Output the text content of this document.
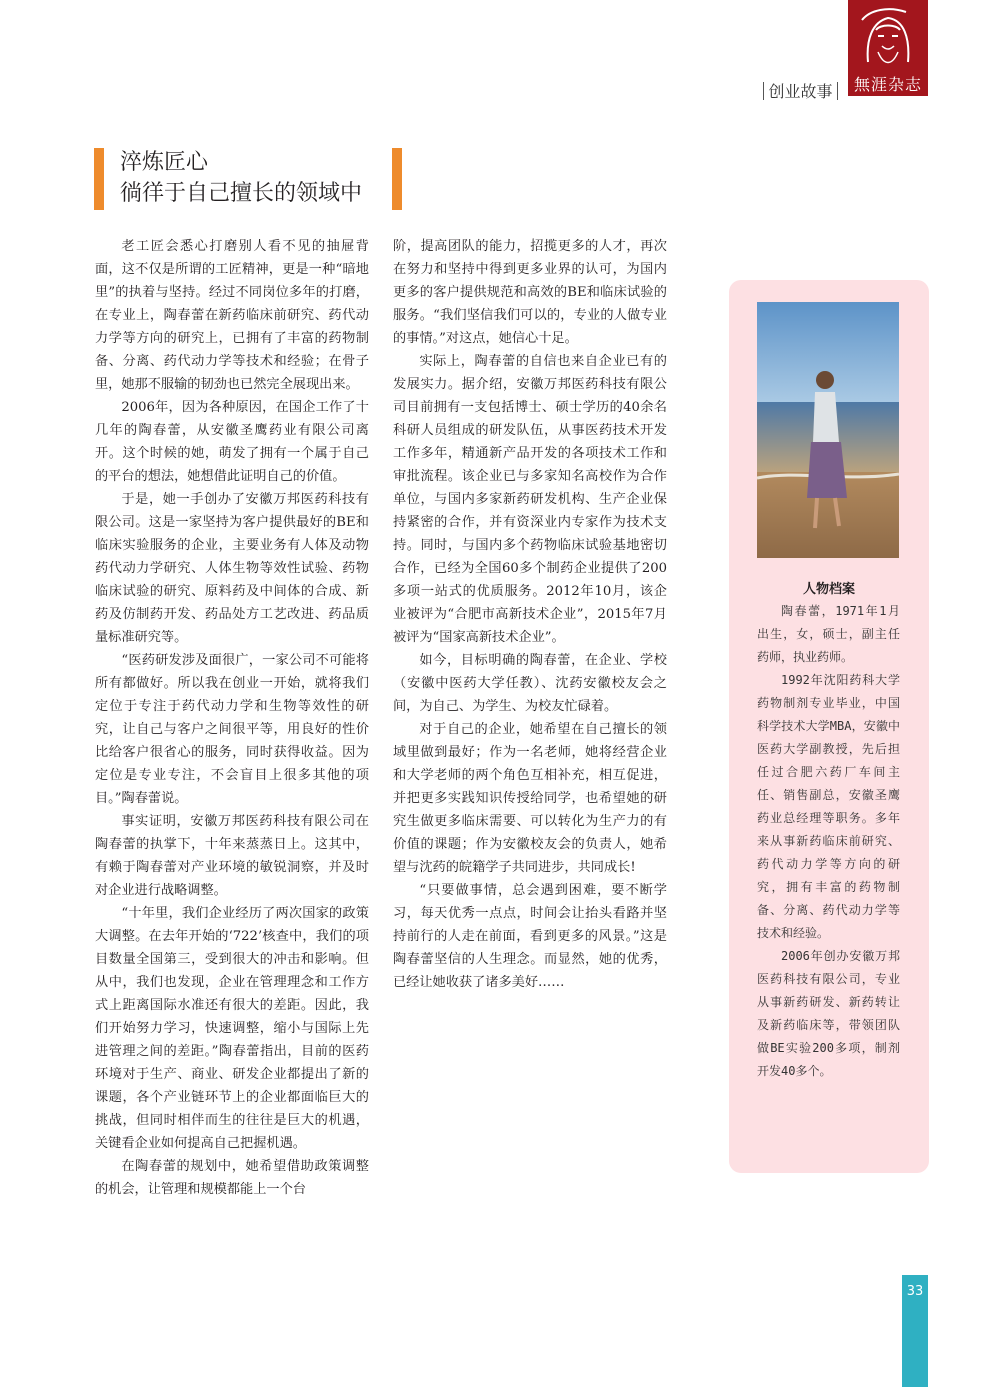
無涯杂志
创业故事
淬炼匠心
徜徉于自己擅长的领域中

老工匠会悉心打磨别人看不见的抽屉背面，这不仅是所谓的工匠精神，更是一种“暗地里”的执着与坚持。经过不同岗位多年的打磨，在专业上，陶春蕾在新药临床前研究、药代动力学等方向的研究上，已拥有了丰富的药物制备、分离、药代动力学等技术和经验；在骨子里，她那不服输的韧劲也已然完全展现出来。

2006年，因为各种原因，在国企工作了十几年的陶春蕾，从安徽圣鹰药业有限公司离开。这个时候的她，萌发了拥有一个属于自己的平台的想法，她想借此证明自己的价值。

于是，她一手创办了安徽万邦医药科技有限公司。这是一家坚持为客户提供最好的BE和临床实验服务的企业，主要业务有人体及动物药代动力学研究、人体生物等效性试验、药物临床试验的研究、原料药及中间体的合成、新药及仿制药开发、药品处方工艺改进、药品质量标准研究等。

“医药研发涉及面很广，一家公司不可能将所有都做好。所以我在创业一开始，就将我们定位于专注于药代动力学和生物等效性的研究，让自己与客户之间很平等，用良好的性价比给客户很省心的服务，同时获得收益。因为定位是专业专注，不会盲目上很多其他的项目。”陶春蕾说。

事实证明，安徽万邦医药科技有限公司在陶春蕾的执掌下，十年来蒸蒸日上。这其中，有赖于陶春蕾对产业环境的敏锐洞察，并及时对企业进行战略调整。

“十年里，我们企业经历了两次国家的政策大调整。在去年开始的‘722’核查中，我们的项目数量全国第三，受到很大的冲击和影响。但从中，我们也发现，企业在管理理念和工作方式上距离国际水准还有很大的差距。因此，我们开始努力学习，快速调整，缩小与国际上先进管理之间的差距。”陶春蕾指出，目前的医药环境对于生产、商业、研发企业都提出了新的课题，各个产业链环节上的企业都面临巨大的挑战，但同时相伴而生的往往是巨大的机遇，关键看企业如何提高自己把握机遇。

在陶春蕾的规划中，她希望借助政策调整的机会，让管理和规模都能上一个台

阶，提高团队的能力，招揽更多的人才，再次在努力和坚持中得到更多业界的认可，为国内更多的客户提供规范和高效的BE和临床试验的服务。“我们坚信我们可以的，专业的人做专业的事情。”对这点，她信心十足。

实际上，陶春蕾的自信也来自企业已有的发展实力。据介绍，安徽万邦医药科技有限公司目前拥有一支包括博士、硕士学历的40余名科研人员组成的研发队伍，从事医药技术开发工作多年，精通新产品开发的各项技术工作和审批流程。该企业已与多家知名高校作为合作单位，与国内多家新药研发机构、生产企业保持紧密的合作，并有资深业内专家作为技术支持。同时，与国内多个药物临床试验基地密切合作，已经为全国60多个制药企业提供了200多项一站式的优质服务。2012年10月，该企业被评为“合肥市高新技术企业”，2015年7月被评为“国家高新技术企业”。

如今，目标明确的陶春蕾，在企业、学校（安徽中医药大学任教）、沈药安徽校友会之间，为自己、为学生、为校友忙碌着。

对于自己的企业，她希望在自己擅长的领域里做到最好；作为一名老师，她将经营企业和大学老师的两个角色互相补充，相互促进，并把更多实践知识传授给同学，也希望她的研究生做更多临床需要、可以转化为生产力的有价值的课题；作为安徽校友会的负责人，她希望与沈药的皖籍学子共同进步，共同成长!

“只要做事情，总会遇到困难，要不断学习，每天优秀一点点，时间会让抬头看路并坚持前行的人走在前面，看到更多的风景。”这是陶春蕾坚信的人生理念。而显然，她的优秀，已经让她收获了诸多美好……

人物档案

陶春蕾，1971年1月出生，女，硕士，副主任药师，执业药师。

1992年沈阳药科大学药物制剂专业毕业，中国科学技术大学MBA，安徽中医药大学副教授，先后担任过合肥六药厂车间主任、销售副总，安徽圣鹰药业总经理等职务。多年来从事新药临床前研究、药代动力学等方向的研究，拥有丰富的药物制备、分离、药代动力学等技术和经验。

2006年创办安徽万邦医药科技有限公司，专业从事新药研发、新药转让及新药临床等，带领团队做BE实验200多项，制剂开发40多个。

33
